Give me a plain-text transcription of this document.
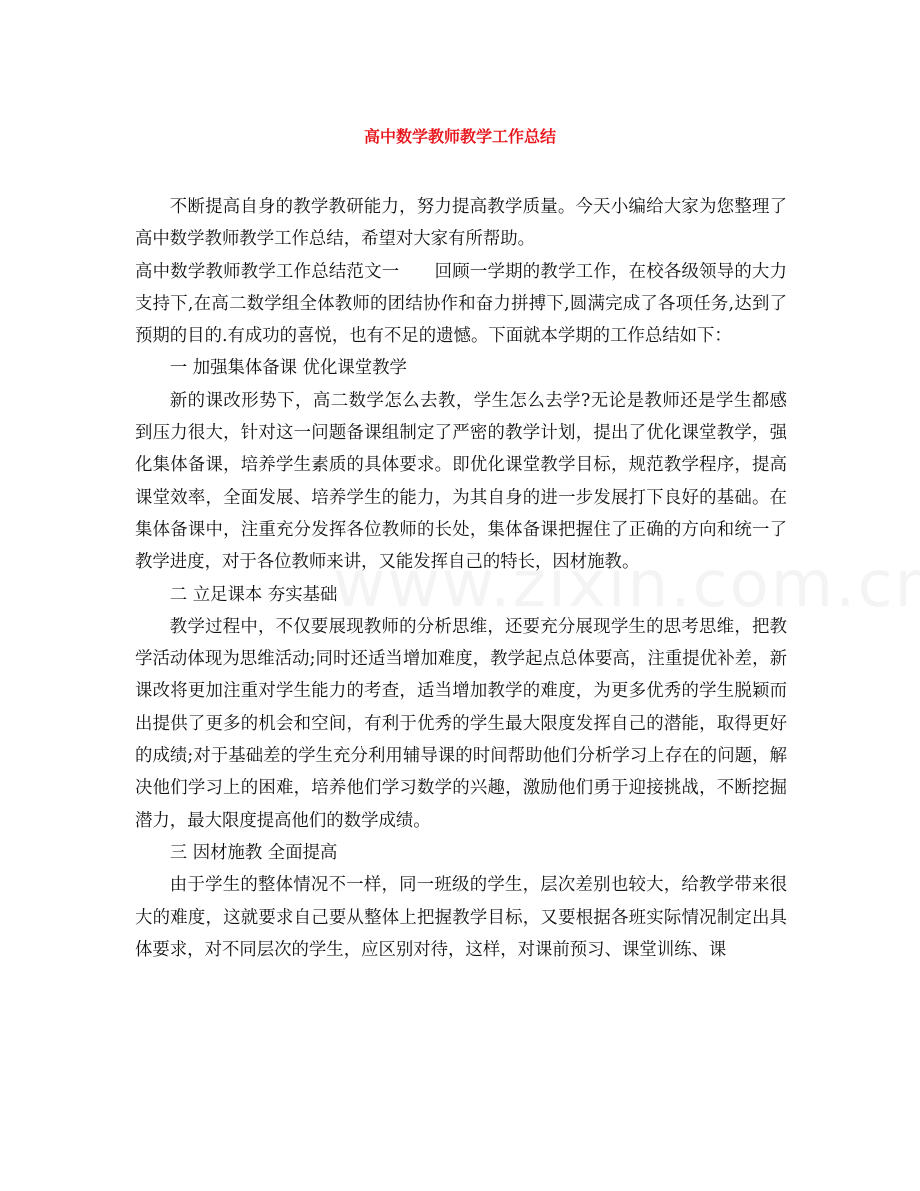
高中数学教师教学工作总结

不断提高自身的教学教研能力，努力提高教学质量。今天小编给大家为您整理了高中数学教师教学工作总结，希望对大家有所帮助。

高中数学教师教学工作总结范文一　　回顾一学期的教学工作，在校各级领导的大力支持下,在高二数学组全体教师的团结协作和奋力拼搏下,圆满完成了各项任务,达到了预期的目的.有成功的喜悦，也有不足的遗憾。下面就本学期的工作总结如下：

一 加强集体备课 优化课堂教学

新的课改形势下，高二数学怎么去教，学生怎么去学?无论是教师还是学生都感到压力很大，针对这一问题备课组制定了严密的教学计划，提出了优化课堂教学，强化集体备课，培养学生素质的具体要求。即优化课堂教学目标，规范教学程序，提高课堂效率，全面发展、培养学生的能力，为其自身的进一步发展打下良好的基础。在集体备课中，注重充分发挥各位教师的长处，集体备课把握住了正确的方向和统一了教学进度，对于各位教师来讲，又能发挥自己的特长，因材施教。

二 立足课本 夯实基础

教学过程中，不仅要展现教师的分析思维，还要充分展现学生的思考思维，把教学活动体现为思维活动;同时还适当增加难度，教学起点总体要高，注重提优补差，新课改将更加注重对学生能力的考查，适当增加教学的难度，为更多优秀的学生脱颖而出提供了更多的机会和空间，有利于优秀的学生最大限度发挥自己的潜能，取得更好的成绩;对于基础差的学生充分利用辅导课的时间帮助他们分析学习上存在的问题，解决他们学习上的困难，培养他们学习数学的兴趣，激励他们勇于迎接挑战，不断挖掘潜力，最大限度提高他们的数学成绩。

三 因材施教 全面提高

由于学生的整体情况不一样，同一班级的学生，层次差别也较大，给教学带来很大的难度，这就要求自己要从整体上把握教学目标，又要根据各班实际情况制定出具体要求，对不同层次的学生，应区别对待，这样，对课前预习、课堂训练、课
